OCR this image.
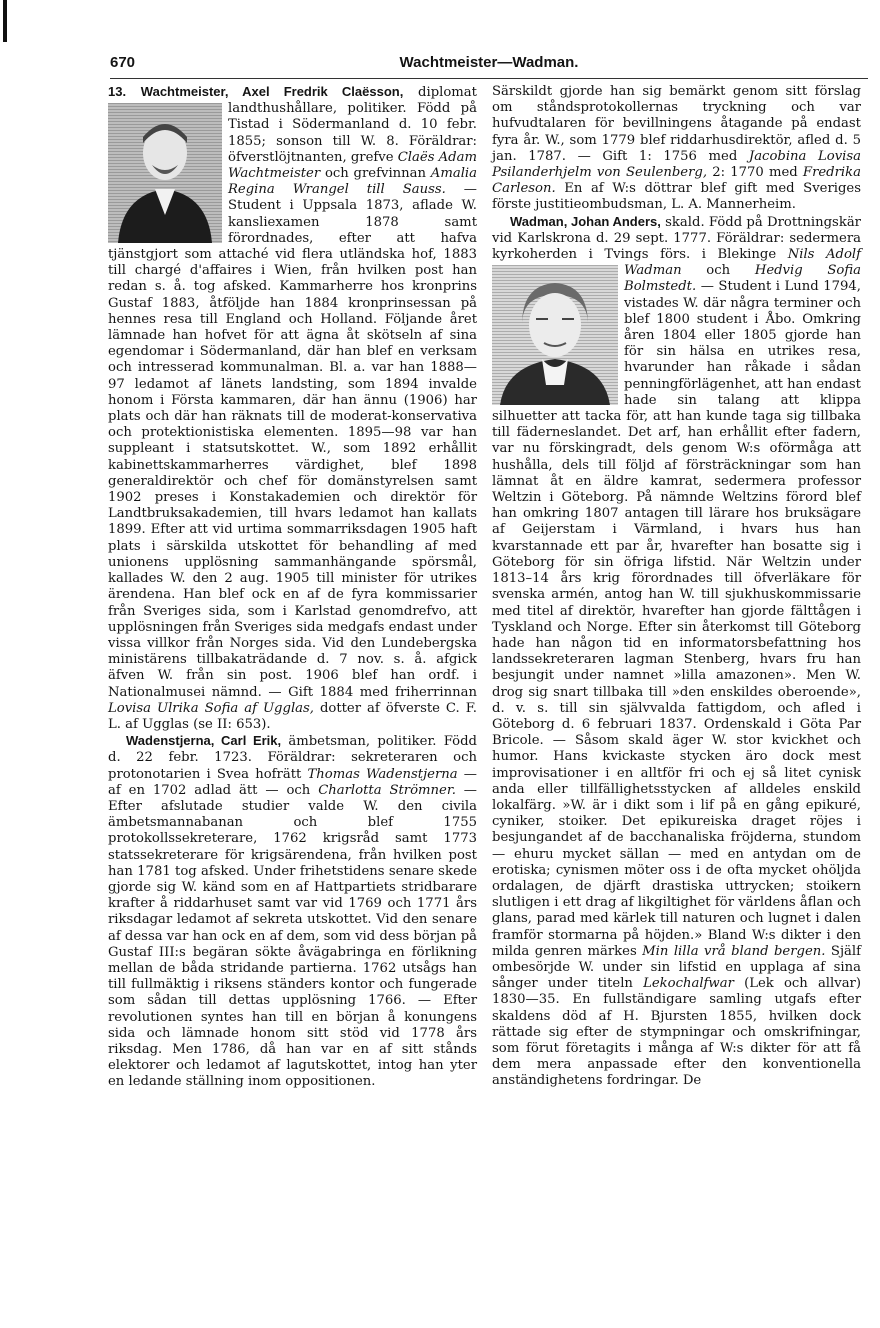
670	Wachtmeister—Wadman.

13. Wachtmeister, Axel Fredrik Claësson,
diplomat landthushållare, politiker. Född på Tistad i Södermanland d. 10 febr. 1855; sonson till W. 8. Föräldrar: öfverstlöjtnanten, grefve Claës Adam Wachtmeister och grefvinnan Amalia Regina Wrangel till Sauss. — Student i Uppsala 1873, aflade W. kansliexamen 1878 samt förordnades, efter att hafva tjänstgjort som attaché vid flera utländska hof, 1883 till chargé d'affaires i Wien, från hvilken post han redan s. å. tog afsked. Kammarherre hos kronprins Gustaf 1883, åtföljde han 1884 kronprinsessan på hennes resa till England och Holland. Följande året lämnade han hofvet för att ägna åt skötseln af sina egendomar i Södermanland, där han blef en verksam och intresserad kommunalman. Bl. a. var han 1888—97 ledamot af länets landsting, som 1894 invalde honom i Första kammaren, där han ännu (1906) har plats och där han räknats till de moderat-konservativa och protektionistiska elementen. 1895—98 var han suppleant i statsutskottet. W., som 1892 erhållit kabinettskammarherres värdighet, blef 1898 generaldirektör och chef för domänstyrelsen samt 1902 preses i Konstakademien och direktör för Landtbruksakademien, till hvars ledamot han kallats 1899. Efter att vid urtima sommarriksdagen 1905 haft plats i särskilda utskottet för behandling af med unionens upplösning sammanhängande spörsmål, kallades W. den 2 aug. 1905 till minister för utrikes ärendena. Han blef ock en af de fyra kommissarier från Sveriges sida, som i Karlstad genomdrefvo, att upplösningen från Sveriges sida medgafs endast under vissa villkor från Norges sida. Vid den Lundebergska ministärens tillbakaträdande d. 7 nov. s. å. afgick äfven W. från sin post. 1906 blef han ordf. i Nationalmusei nämnd. — Gift 1884 med friherrinnan Lovisa Ulrika Sofia af Ugglas, dotter af öfverste C. F. L. af Ugglas (se II: 653).

Wadenstjerna, Carl Erik, ämbetsman, politiker. Född d. 22 febr. 1723. Föräldrar: sekreteraren och protonotarien i Svea hofrätt Thomas Wadenstjerna — af en 1702 adlad ätt — och Charlotta Strömner. — Efter afslutade studier valde W. den civila ämbetsmannabanan och blef 1755 protokollssekreterare, 1762 krigsråd samt 1773 statssekreterare för krigsärendena, från hvilken post han 1781 tog afsked. Under frihetstidens senare skede gjorde sig W. känd som en af Hattpartiets stridbarare krafter å riddarhuset samt var vid 1769 och 1771 års riksdagar ledamot af sekreta utskottet. Vid den senare af dessa var han ock en af dem, som vid dess början på Gustaf III:s begäran sökte åvägabringa en förlikning mellan de båda stridande partierna. 1762 utsågs han till fullmäktig i riksens ständers kontor och fungerade som sådan till dettas upplösning 1766. — Efter revolutionen syntes han till en början å konungens sida och lämnade honom sitt stöd vid 1778 års riksdag. Men 1786, då han var en af sitt stånds elektorer och ledamot af lagutskottet, intog han yter en ledande ställning inom oppositionen.

Särskildt gjorde han sig bemärkt genom sitt förslag om ståndsprotokollernas tryckning och var hufvudtalaren för bevillningens åtagande på endast fyra år. W., som 1779 blef riddarhusdirektör, afled d. 5 jan. 1787. — Gift 1: 1756 med Jacobina Lovisa Psilanderhjelm von Seulenberg, 2: 1770 med Fredrika Carleson. En af W:s döttrar blef gift med Sveriges förste justitieombudsman, L. A. Mannerheim.

Wadman, Johan Anders, skald. Född på Drottningskär vid Karlskrona d. 29 sept. 1777. Föräldrar: sedermera kyrkoherden i Tvings förs. i Blekinge
Nils Adolf Wadman och Hedvig Sofia Bolmstedt. — Student i Lund 1794, vistades W. där några terminer och blef 1800 student i Åbo. Omkring åren 1804 eller 1805 gjorde han för sin hälsa en utrikes resa, hvarunder han råkade i sådan penningförlägenhet, att han endast hade sin talang att klippa silhuetter att tacka för, att han kunde taga sig tillbaka till fäderneslandet. Det arf, han erhållit efter fadern, var nu förskingradt, dels genom W:s oförmåga att hushålla, dels till följd af försträckningar som han lämnat åt en äldre kamrat, sedermera professor Weltzin i Göteborg. På nämnde Weltzins förord blef han omkring 1807 antagen till lärare hos bruksägare af Geijerstam i Värmland, i hvars hus han kvarstannade ett par år, hvarefter han bosatte sig i Göteborg för sin öfriga lifstid. När Weltzin under 1813–14 års krig förordnades till öfverläkare för svenska armén, antog han W. till sjukhuskommissarie med titel af direktör, hvarefter han gjorde fälttågen i Tyskland och Norge. Efter sin återkomst till Göteborg hade han någon tid en informatorsbefattning hos landssekreteraren lagman Stenberg, hvars fru han besjungit under namnet »lilla amazonen». Men W. drog sig snart tillbaka till »den enskildes oberoende», d. v. s. till sin självvalda fattigdom, och afled i Göteborg d. 6 februari 1837. Ordenskald i Göta Par Bricole. — Såsom skald äger W. stor kvickhet och humor. Hans kvickaste stycken äro dock mest improvisationer i en alltför fri och ej så litet cynisk anda eller tillfällighetsstycken af alldeles enskild lokalfärg. »W. är i dikt som i lif på en gång epikuré, cyniker, stoiker. Det epikureiska draget röjes i besjungandet af de bacchanaliska fröjderna, stundom — ehuru mycket sällan — med en antydan om de erotiska; cynismen möter oss i de ofta mycket ohöljda ordalagen, de djärft drastiska uttrycken; stoikern slutligen i ett drag af likgiltighet för världens åflan och glans, parad med kärlek till naturen och lugnet i dalen framför stormarna på höjden.» Bland W:s dikter i den milda genren märkes Min lilla vrå bland bergen. Själf ombesörjde W. under sin lifstid en upplaga af sina sånger under titeln Lekochalfwar (Lek och allvar) 1830—35. En fullständigare samling utgafs efter skaldens död af H. Bjursten 1855, hvilken dock rättade sig efter de stympningar och omskrifningar, som förut företagits i många af W:s dikter för att få dem mera anpassade efter den konventionella anständighetens fordringar. De
